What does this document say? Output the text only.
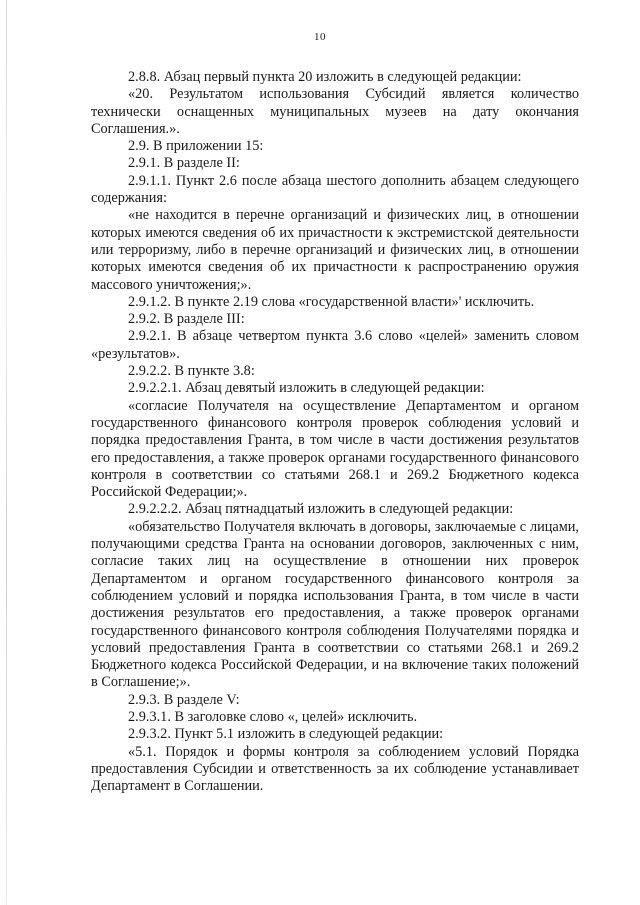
10

2.8.8. Абзац первый пункта 20 изложить в следующей редакции:

«20. Результатом использования Субсидий является количество технически оснащенных муниципальных музеев на дату окончания Соглашения.».

2.9. В приложении 15:

2.9.1. В разделе II:

2.9.1.1. Пункт 2.6 после абзаца шестого дополнить абзацем следующего содержания:

«не находится в перечне организаций и физических лиц, в отношении которых имеются сведения об их причастности к экстремистской деятельности или терроризму, либо в перечне организаций и физических лиц, в отношении которых имеются сведения об их причастности к распространению оружия массового уничтожения;».

2.9.1.2. В пункте 2.19 слова «государственной власти»' исключить.

2.9.2. В разделе III:

2.9.2.1. В абзаце четвертом пункта 3.6 слово «целей» заменить словом «результатов».

2.9.2.2. В пункте 3.8:

2.9.2.2.1. Абзац девятый изложить в следующей редакции:

«согласие Получателя на осуществление Департаментом и органом государственного финансового контроля проверок соблюдения условий и порядка предоставления Гранта, в том числе в части достижения результатов его предоставления, а также проверок органами государственного финансового контроля в соответствии со статьями 268.1 и 269.2 Бюджетного кодекса Российской Федерации;».

2.9.2.2.2. Абзац пятнадцатый изложить в следующей редакции:

«обязательство Получателя включать в договоры, заключаемые с лицами, получающими средства Гранта на основании договоров, заключенных с ним, согласие таких лиц на осуществление в отношении них проверок Департаментом и органом государственного финансового контроля за соблюдением условий и порядка использования Гранта, в том числе в части достижения результатов его предоставления, а также проверок органами государственного финансового контроля соблюдения Получателями порядка и условий предоставления Гранта в соответствии со статьями 268.1 и 269.2 Бюджетного кодекса Российской Федерации, и на включение таких положений в Соглашение;».

2.9.3. В разделе V:

2.9.3.1. В заголовке слово «, целей» исключить.

2.9.3.2. Пункт 5.1 изложить в следующей редакции:

«5.1. Порядок и формы контроля за соблюдением условий Порядка предоставления Субсидии и ответственность за их соблюдение устанавливает Департамент в Соглашении.
